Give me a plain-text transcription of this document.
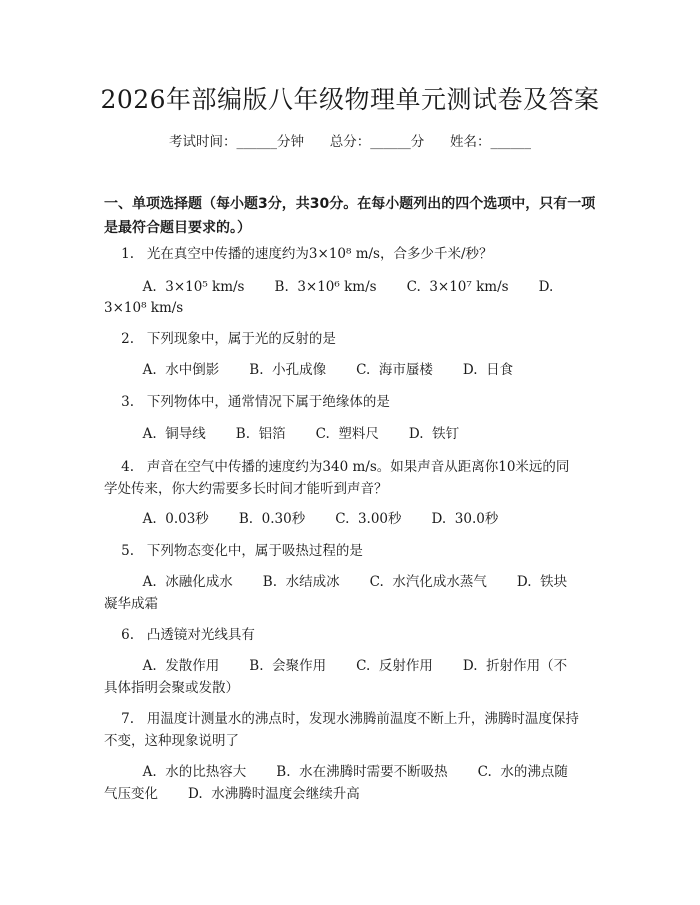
2026年部编版八年级物理单元测试卷及答案
考试时间：______分钟      总分：______分      姓名：______
一、单项选择题（每小题3分，共30分。在每小题列出的四个选项中，只有一项
是最符合题目要求的。）
1.   光在真空中传播的速度约为3×10⁸ m/s，合多少千米/秒？
A.  3×10⁵ km/s       B.  3×10⁶ km/s       C.  3×10⁷ km/s       D.
3×10⁸ km/s
2.   下列现象中，属于光的反射的是
A.  水中倒影       B.  小孔成像       C.  海市蜃楼       D.  日食
3.   下列物体中，通常情况下属于绝缘体的是
A.  铜导线       B.  铝箔       C.  塑料尺       D.  铁钉
4.   声音在空气中传播的速度约为340 m/s。如果声音从距离你10米远的同
学处传来，你大约需要多长时间才能听到声音？
A.  0.03秒       B.  0.30秒       C.  3.00秒       D.  30.0秒
5.   下列物态变化中，属于吸热过程的是
A.  冰融化成水       B.  水结成冰       C.  水汽化成水蒸气       D.  铁块
凝华成霜
6.   凸透镜对光线具有
A.  发散作用       B.  会聚作用       C.  反射作用       D.  折射作用（不
具体指明会聚或发散）
7.   用温度计测量水的沸点时，发现水沸腾前温度不断上升，沸腾时温度保持
不变，这种现象说明了
A.  水的比热容大       B.  水在沸腾时需要不断吸热       C.  水的沸点随
气压变化       D.  水沸腾时温度会继续升高
